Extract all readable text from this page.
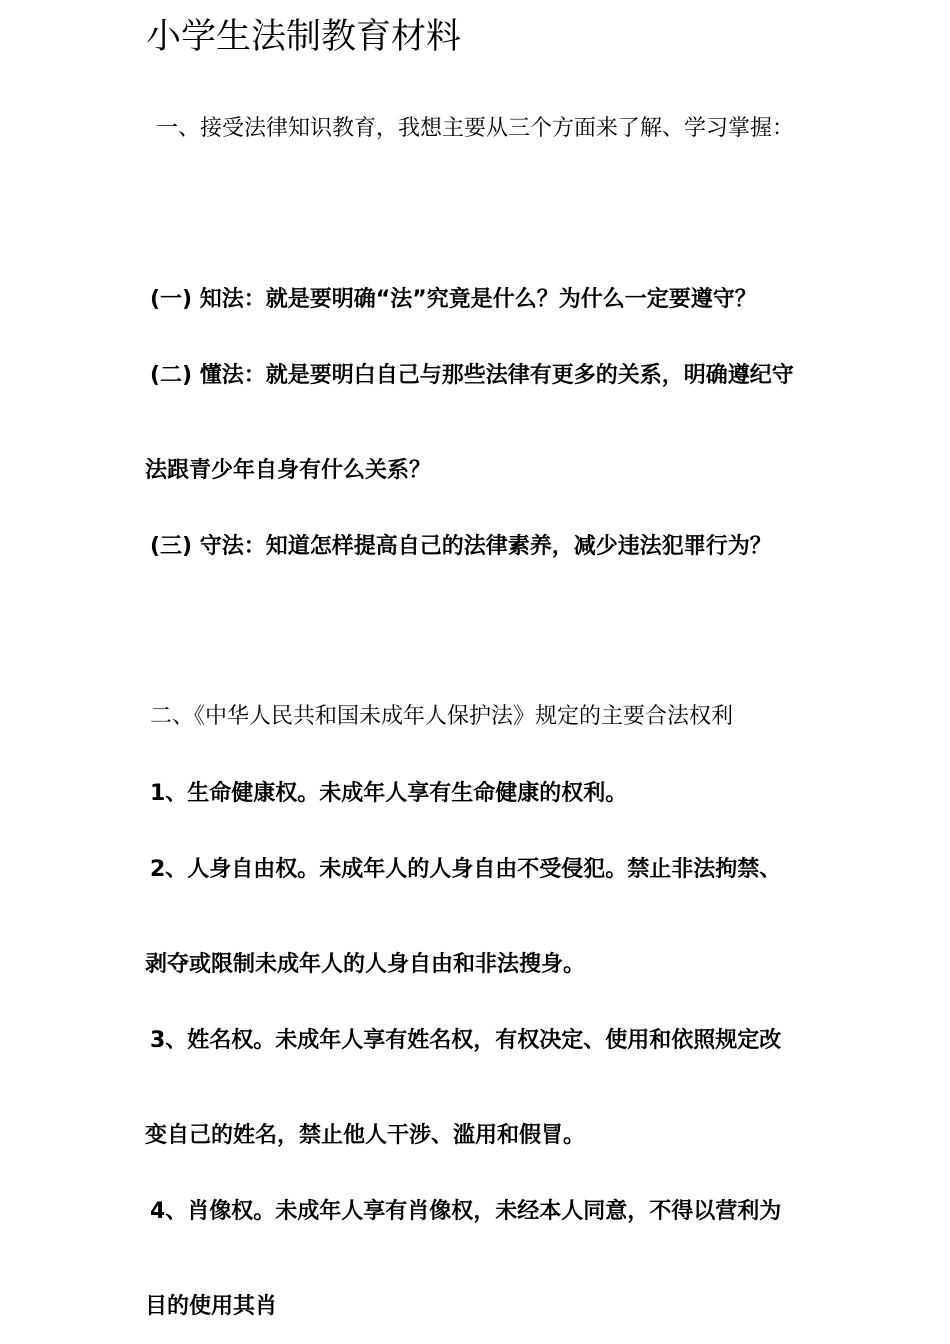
小学生法制教育材料
一、接受法律知识教育，我想主要从三个方面来了解、学习掌握：
(一) 知法：就是要明确“法”究竟是什么？为什么一定要遵守？
(二) 懂法：就是要明白自己与那些法律有更多的关系，明确遵纪守
法跟青少年自身有什么关系？
(三) 守法：知道怎样提高自己的法律素养，减少违法犯罪行为？
二、《中华人民共和国未成年人保护法》规定的主要合法权利
1、生命健康权。未成年人享有生命健康的权利。
2、人身自由权。未成年人的人身自由不受侵犯。禁止非法拘禁、
剥夺或限制未成年人的人身自由和非法搜身。
3、姓名权。未成年人享有姓名权，有权决定、使用和依照规定改
变自己的姓名，禁止他人干涉、滥用和假冒。
4、肖像权。未成年人享有肖像权，未经本人同意，不得以营利为
目的使用其肖
